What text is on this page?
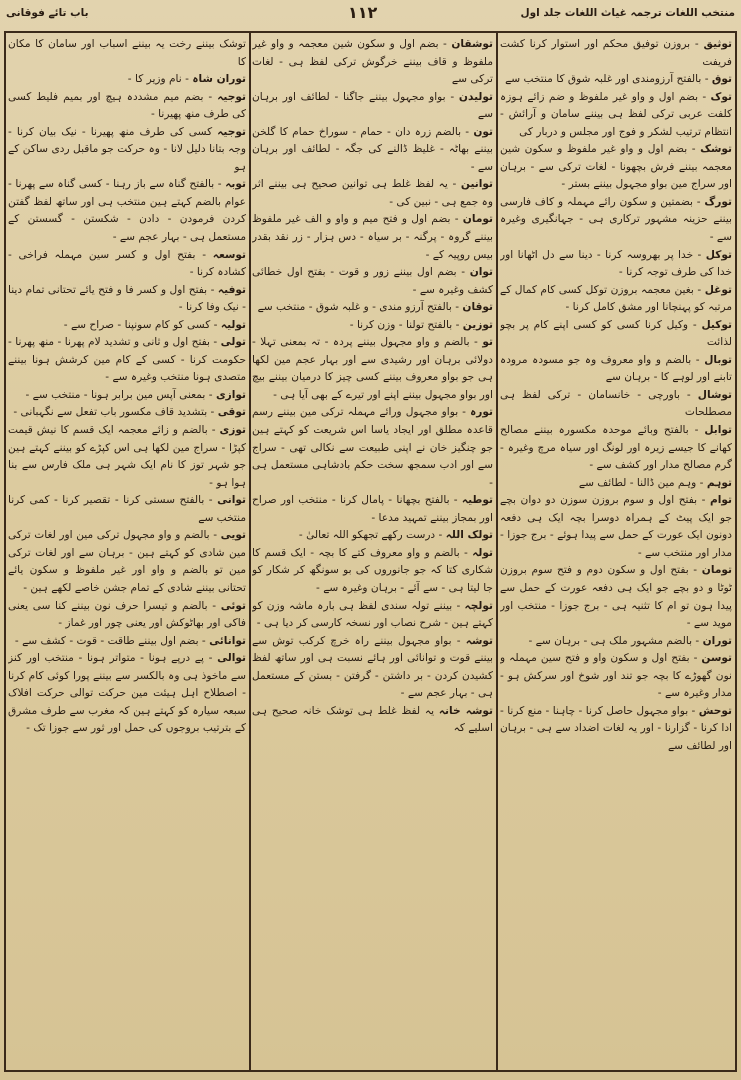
منتخب اللغات ترجمہ غیاث اللغات جلد اول
۱۱۲
باب تائے فوقانی

توثیق - بروزن توفیق محکم اور استوار کرنا کشت فریفت

توق - بالفتح آرزومندی اور غلبہ شوق کا منتخب سے

توک - بضم اول و واو غیر ملفوظ و ضم زائے ہوزہ کلفت عربی ترکی لفظ ہی بیننے سامان و آرائش - انتظام ترتیب لشکر و فوج اور مجلس و دربار کی

توشک - بضم اول و واو غیر ملفوظ و سکون شین معجمہ بیننے فرش بچھونا - لغات ترکی سے - برہان اور سراج مین بواو مجہول بیننے بستر -

تورگ - بضمتین و سکون رائے مہملہ و کاف فارسی بیننے حزینہ مشہور ترکاری ہی - جہانگیری وغیرہ سے -

توکل - خدا پر بھروسہ کرنا - دینا سے دل اٹھانا اور خدا کی طرف توجہ کرنا -

توغل - بغین معجمہ بروزن توکل کسی کام کمال کے مرتبہ کو پہنچانا اور مشق کامل کرنا -

توکیل - وکیل کرنا کسی کو کسی اپنے کام پر بچو لذائت

توبال - بالضم و واو معروف وہ جو مسودہ مرودہ تابنے اور لوہے کا - برہان سے

توشال - باورچی - خانسامان - ترکی لفظ ہی مصطلحات

توابل - بالفتح وبائے موحدہ مکسورہ بیننے مصالح کھانے کا جیسے زیرہ اور لونگ اور سیاہ مرچ وغیرہ - گرم مصالح مدار اور کشف سے -

توہم - وہم مین ڈالنا - لطائف سے

توام - بفتح اول و سوم بروزن سوزن دو دوان بچے جو ایک پیٹ کے ہمراہ دوسرا بچہ ایک ہی دفعہ دونون ایک عورت کے حمل سے پیدا ہوئے - برج جوزا - مدار اور منتخب سے -

تومان - بفتح اول و سکون دوم و فتح سوم بروزن ٹوٹا و دو بچے جو ایک ہی دفعہ عورت کے حمل سے پیدا ہون تو ام کا تثنیہ ہی - برج جوزا - منتخب اور موید سے -

توران - بالضم مشہور ملک ہی - برہان سے -

توسن - بفتح اول و سکون واو و فتح سین مہملہ و نون گھوڑے کا بچہ جو تند اور شوخ اور سرکش ہو - مدار وغیرہ سے -

توحش - بواو مجہول حاصل کرنا - چاہنا - منع کرنا - ادا کرنا - گزارنا - اور یہ لغات اضداد سے ہی - برہان اور لطائف سے

توشقان - بضم اول و سکون شین معجمہ و واو غیر ملفوظ و قاف بیننے خرگوش ترکی لفظ ہی - لغات ترکی سے

تولیدن - بواو مجہول بیننے جاگنا - لطائف اور برہان سے

تون - بالضم زرہ دان - حمام - سوراخ حمام کا گلخن بیننے بھاٹہ - غلیظ ڈالنے کی جگہ - لطائف اور برہان سے -

توانین - یہ لفظ غلط ہی توانین صحیح ہی بیننے اثر وہ جمع ہی - نبین کی -

تومان - بضم اول و فتح میم و واو و الف غیر ملفوظ بیننے گروہ - پرگنہ - بر سیاہ - دس ہزار - زر نقد بقدر بیس روپیہ کے -

توان - بضم اول بیننے زور و قوت - بفتح اول خطائی کشف وغیرہ سے -

توقان - بالفتح آرزو مندی - و غلبہ شوق - منتخب سے

توزین - بالفتح تولنا - وزن کرنا -

تو - بالضم و واو مجہول بیننے پردہ - تہ بمعنی تہلا - دولائی برہان اور رشیدی سے اور بہار عجم مین لکھا ہی جو بواو معروف بیننے کسی چیز کا درمیان بیننے بیچ اور بواو مجہول بیننے اپنے اور تیرے کے بھی آیا ہی -

تورہ - بواو مجہول ورائے مہملہ ترکی مین بیننے رسم قاعدہ مطلق اور ایجاد یاسا اس شریعت کو کہتے ہین جو چنگیز خان نے اپنی طبیعت سے نکالی تھی - سراج سے اور ادب سمجھ سخت حکم بادشاہی مستعمل ہی -

توطیہ - بالفتح بچھانا - پامال کرنا - منتخب اور صراح اور بمجاز بیننے تمہید مدعا -

تولک اللہ - درست رکھے تجھکو اللہ تعالیٰ -

تولہ - بالضم و واو معروف کتے کا بچہ - ایک قسم کا شکاری کتا کہ جو جانوروں کی بو سونگھ کر شکار کو جا لیتا ہی - سے آئے - برہان وغیرہ سے -

تولچہ - بیننے تولہ سندی لفظ ہی بارہ ماشہ وزن کو کہتے ہین - شرح نصاب اور نسخہ کارسی کر دیا ہی -

توشہ - بواو مجہول بیننے راہ خرچ کرکب توش سے بیننے قوت و توانائی اور ہائے نسبت ہی اور ساتھ لفظ کشیدن کردن - بر داشتن - گرفتن - بستن کے مستعمل ہی - بہار عجم سے -

توشہ خانہ یہ لفظ غلط ہی توشک خانہ صحیح ہی اسلیے کہ

توشک بیننے رخت یہ بیننے اسباب اور سامان کا مکان کا

توران شاہ - نام وزیر کا -

توجیہ - بضم میم مشددہ ہیچ اور بمیم فلیط کسی کی طرف منھ پھیرنا -

توجیہ کسی کی طرف منھ پھیرنا - نیک بیان کرنا - وجہ بتانا دلیل لانا - وہ حرکت جو ماقبل ردی ساکن کے ہو

توبہ - بالفتح گناہ سے باز رہنا - کسی گناہ سے پھرنا - عوام بالضم کہتے ہین منتخب ہی اور ساتھ لفظ گفتن کردن فرمودن - دادن - شکستن - گسستن کے مستعمل ہی - بہار عجم سے -

توسعہ - بفتح اول و کسر سین مہملہ فراخی - کشادہ کرنا -

توفیہ - بفتح اول و کسر فا و فتح یائے تحتانی تمام دینا - نیک وفا کرنا -

تولیہ - کسی کو کام سونپنا - صراح سے -

تولی - بفتح اول و ثانی و تشدید لام پھرنا - منھ پھرنا - حکومت کرنا - کسی کے کام مین کرشش ہونا بیننے متصدی ہونا منتخب وغیرہ سے -

توازی - بمعنی آپس مین برابر ہونا - منتخب سے -

توقی - بتشدید قاف مکسور باب تفعل سے نگہبانی -

توزی - بالضم و زائے معجمہ ایک قسم کا نیش قیمت کپڑا - سراج مین لکھا ہی اس کپڑے کو بیننے کہتے ہین جو شہر توز کا نام ایک شہر ہی ملک فارس سے بنا ہوا ہو -

توانی - بالفتح سستی کرنا - تقصیر کرنا - کمی کرنا منتخب سے

تویی - بالضم و واو مجہول ترکی مین اور لغات ترکی مین شادی کو کہتے ہین - برہان سے اور لغات ترکی مین تو بالضم و واو اور غیر ملفوظ و سکون یائے تحتانی بیننے شادی کے تمام جشن خاصے لکھے ہین -

توئی - بالضم و تیسرا حرف نون بیننے کنا سی یعنی فاکی اور بھاٹوکش اور یعنی چور اور غماز -

توانائی - بضم اول بیننے طاقت - قوت - کشف سے -

توالی - پے درپے ہونا - متواتر ہونا - منتخب اور کنز سے ماخوذ ہی وہ بالکسر سے بیننے پورا کوئی کام کرنا - اصطلاح اہل ہیئت مین حرکت توالی حرکت افلاک سبعہ سیارہ کو کہتے ہین کہ مغرب سے طرف مشرق کے بترتیب بروجوں کی حمل اور ثور سے جوزا تک -
